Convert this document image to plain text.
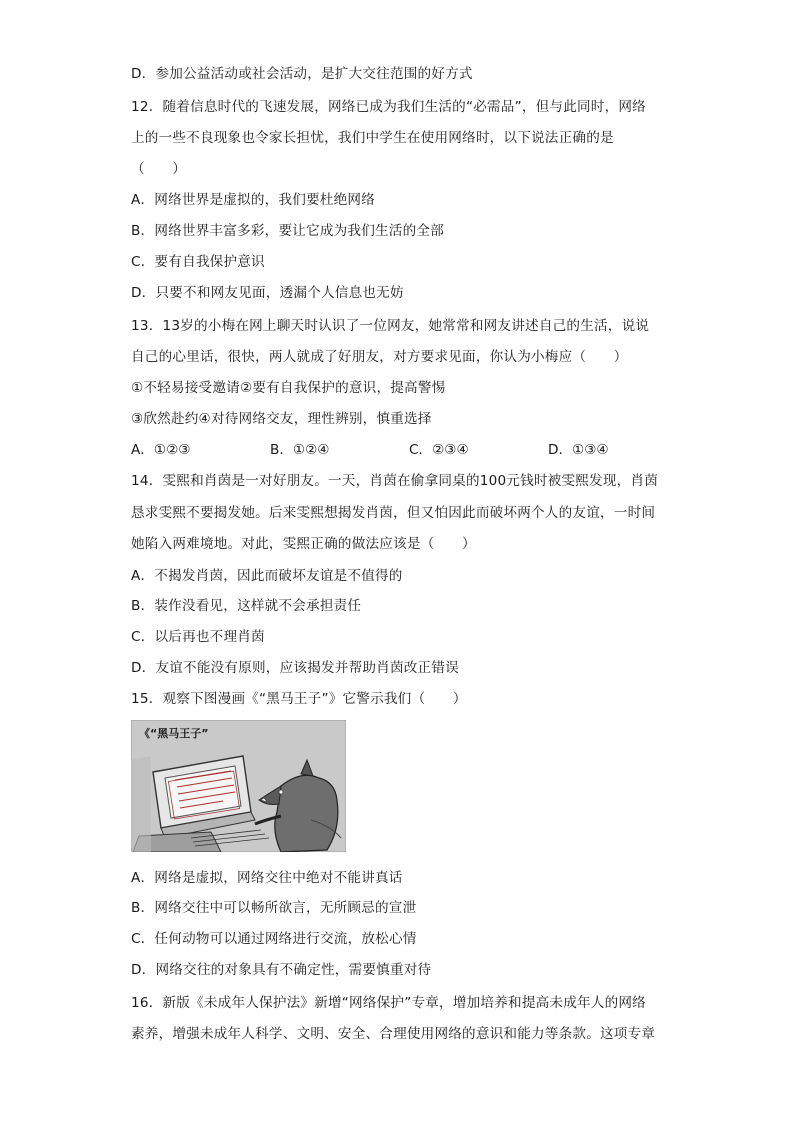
D．参加公益活动或社会活动，是扩大交往范围的好方式
12．随着信息时代的飞速发展，网络已成为我们生活的“必需品”，但与此同时，网络
上的一些不良现象也令家长担忧，我们中学生在使用网络时，以下说法正确的是
（　　）
A．网络世界是虚拟的，我们要杜绝网络
B．网络世界丰富多彩，要让它成为我们生活的全部
C．要有自我保护意识
D．只要不和网友见面，透漏个人信息也无妨
13．13岁的小梅在网上聊天时认识了一位网友，她常常和网友讲述自己的生活，说说
自己的心里话，很快，两人就成了好朋友，对方要求见面，你认为小梅应（　　）
①不轻易接受邀请②要有自我保护的意识，提高警惕
③欣然赴约④对待网络交友，理性辨别，慎重选择
A．①②③	B．①②④	C．②③④	D．①③④
14．雯熙和肖茵是一对好朋友。一天，肖茵在偷拿同桌的100元钱时被雯熙发现，肖茵
恳求雯熙不要揭发她。后来雯熙想揭发肖茵，但又怕因此而破坏两个人的友谊，一时间
她陷入两难境地。对此，雯熙正确的做法应该是（　　）
A．不揭发肖茵，因此而破坏友谊是不值得的
B．装作没看见，这样就不会承担责任
C．以后再也不理肖茵
D．友谊不能没有原则，应该揭发并帮助肖茵改正错误
15．观察下图漫画《“黑马王子”》它警示我们（　　）
《“黑马王子”
A．网络是虚拟，网络交往中绝对不能讲真话
B．网络交往中可以畅所欲言，无所顾忌的宣泄
C．任何动物可以通过网络进行交流，放松心情
D．网络交往的对象具有不确定性，需要慎重对待
16．新版《未成年人保护法》新增“网络保护”专章，增加培养和提高未成年人的网络
素养，增强未成年人科学、文明、安全、合理使用网络的意识和能力等条款。这项专章
